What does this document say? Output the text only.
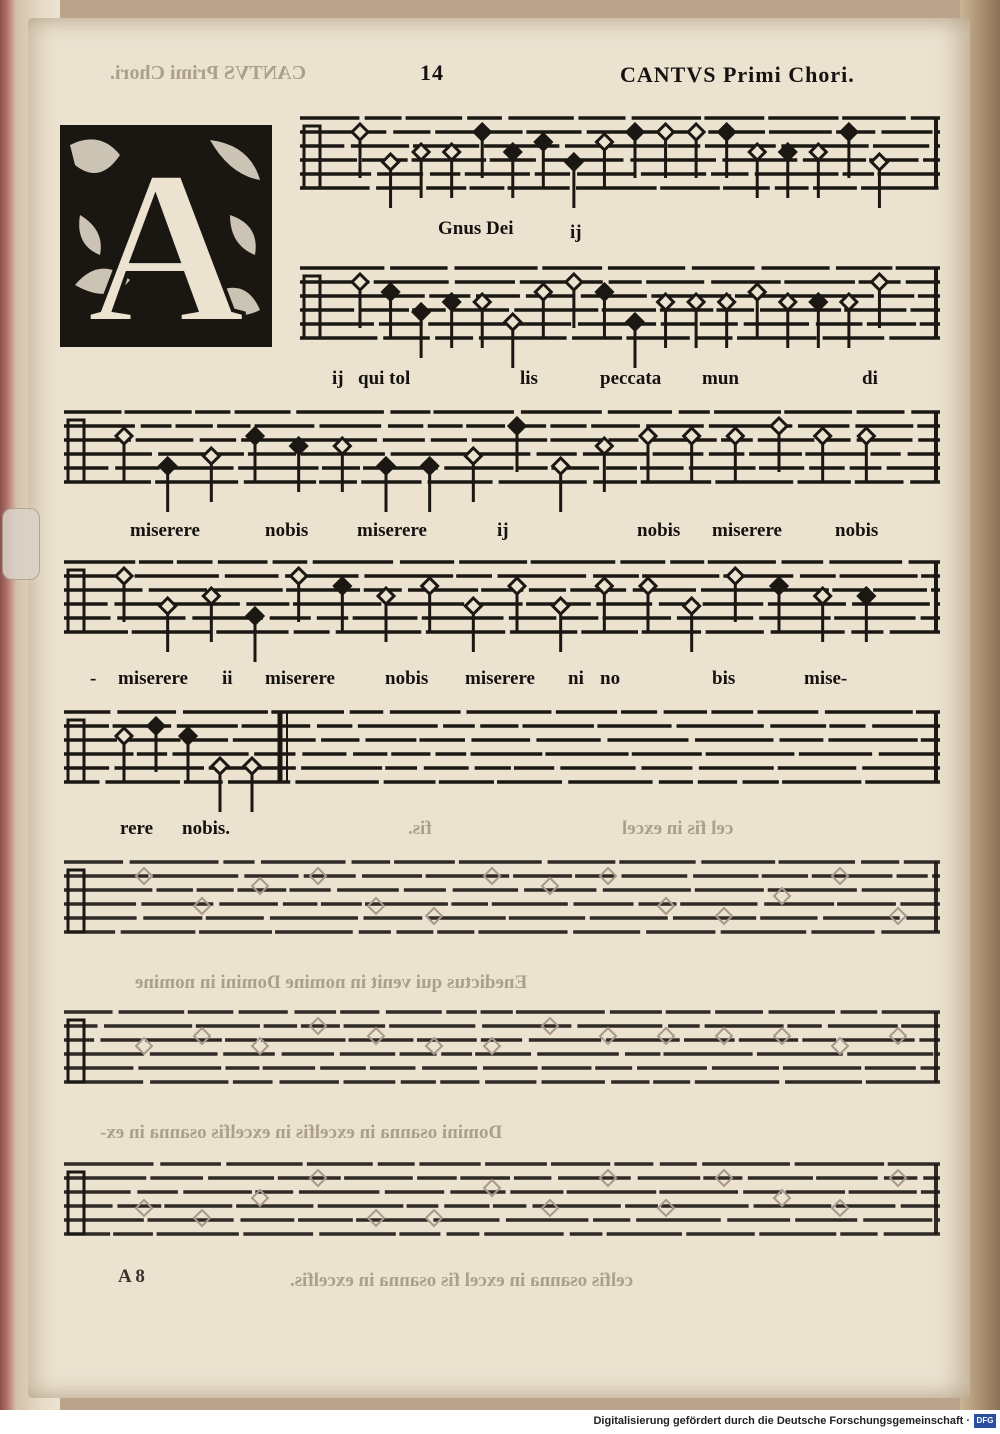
CANTVS Primi Chori.
cel fis in excel
fis.
Enedictus qui venit in nomine Domini in nomine
Domini osanna in excelfis in excelfis osanna in ex-
celfis osanna in excel fis osanna in excelfis.
14	CANTVS Primi Chori.
A	Gnus Dei	ij
ij qui tol	lis	peccata mun	di
miserere	nobis	miserere	ij	nobis miserere	nobis
- miserere ii miserere	nobis miserere ni no	bis	mise-
rere nobis.
A 8
Digitalisierung gefördert durch die Deutsche Forschungsgemeinschaft · DFG
